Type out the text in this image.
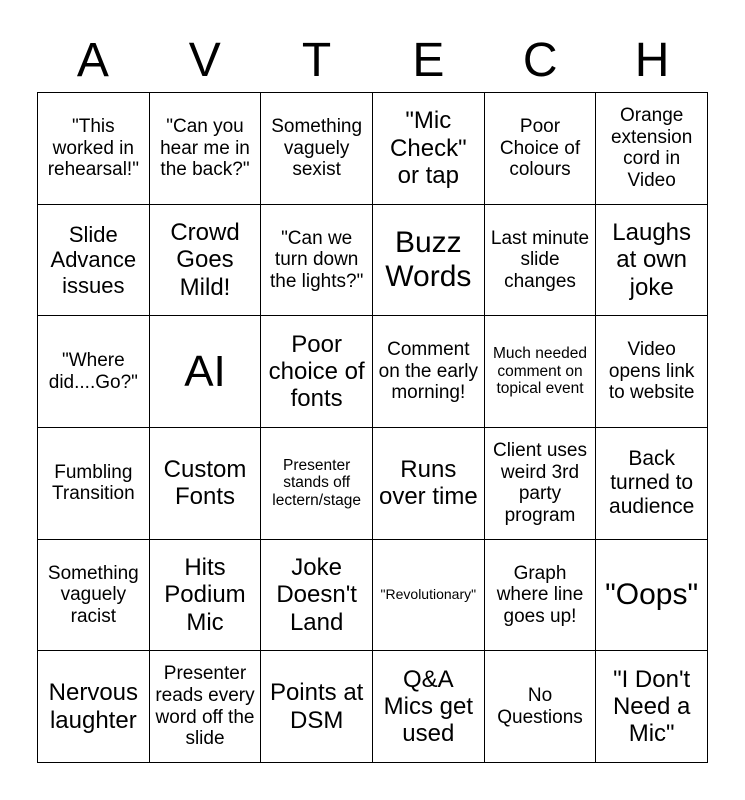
A	V	T	E	C	H
"This worked in rehearsal!"
"Can you hear me in the back?"
Something vaguely sexist
"Mic Check" or tap
Poor Choice of colours
Orange extension cord in Video
Slide Advance issues
Crowd Goes Mild!
"Can we turn down the lights?"
Buzz Words
Last minute slide changes
Laughs at own joke
"Where did....Go?" AI
Poor choice of fonts
Comment on the early morning!
Much needed comment on topical event
Video opens link to website
Fumbling Transition
Custom Fonts
Presenter stands off lectern/stage
Runs over time
Client uses weird 3rd party program
Back turned to audience
Something vaguely racist
Hits Podium Mic
Joke Doesn't Land
"Revolutionary"
Graph where line goes up!
"Oops"
Nervous laughter
Presenter reads every word off the slide
Points at DSM
Q&A Mics get used
No Questions
"I Don't Need a Mic"
